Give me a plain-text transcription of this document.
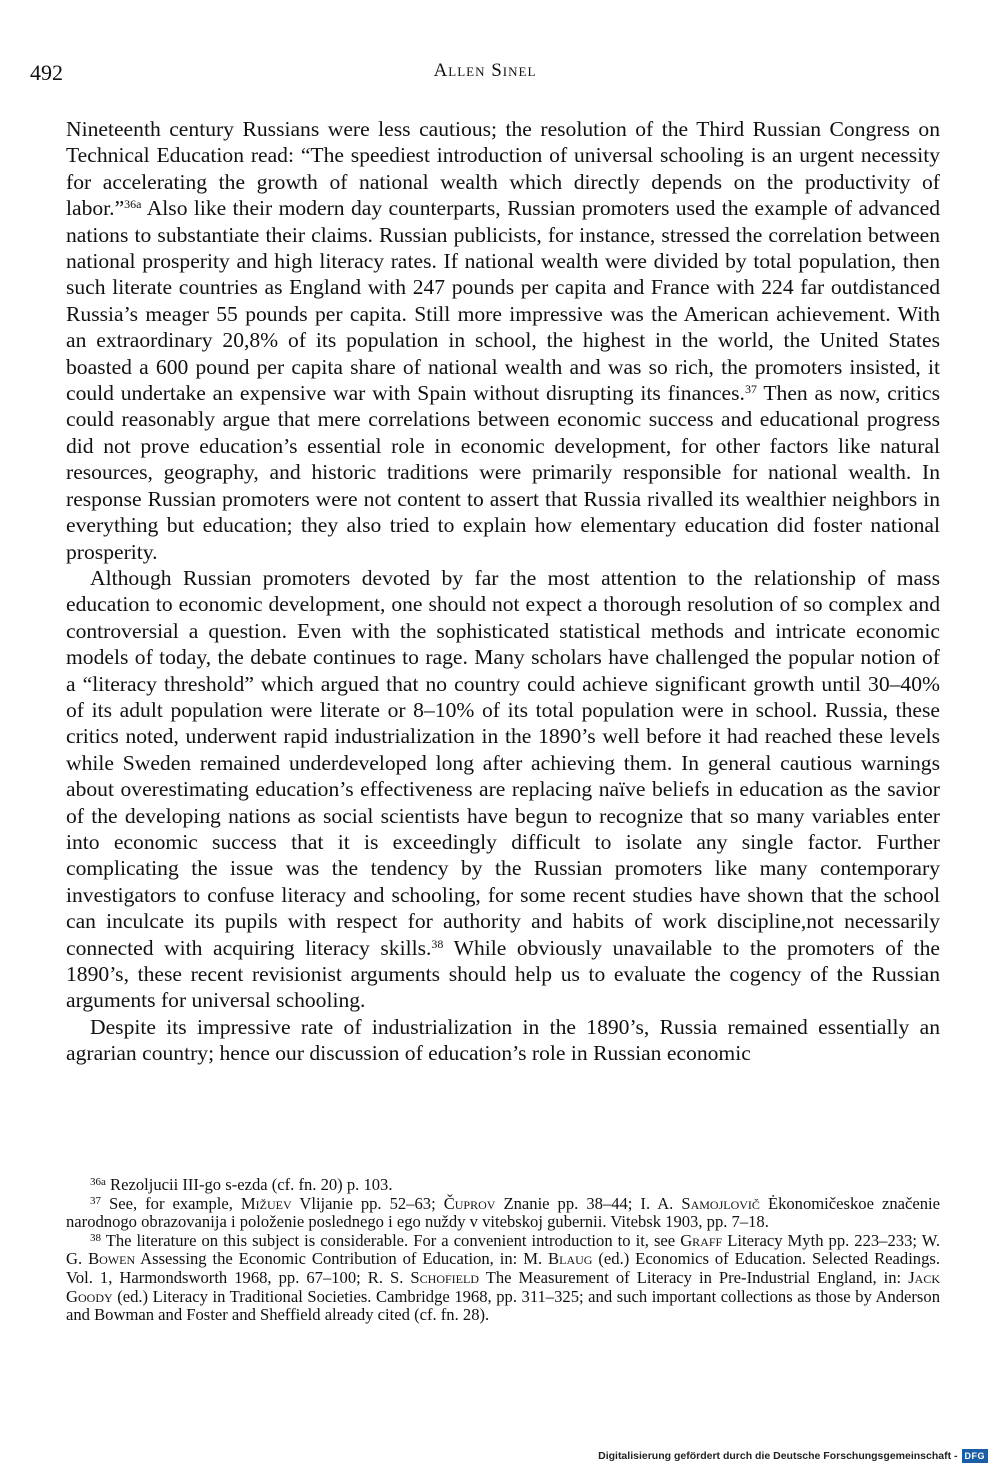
492	Allen Sinel

Nineteenth century Russians were less cautious; the resolution of the Third Russian Congress on Technical Education read: “The speediest introduction of universal schooling is an urgent necessity for accelerating the growth of national wealth which directly depends on the productivity of labor.”$^{36a}$ Also like their modern day counterparts, Russian promoters used the example of advanced nations to substantiate their claims. Russian publicists, for instance, stressed the correlation between national prosperity and high literacy rates. If national wealth were divided by total population, then such literate countries as England with 247 pounds per capita and France with 224 far outdistanced Russia’s meager 55 pounds per capita. Still more impressive was the American achievement. With an extraordinary 20,8% of its population in school, the highest in the world, the United States boasted a 600 pound per capita share of national wealth and was so rich, the promoters insisted, it could undertake an expensive war with Spain without disrupting its finances.$^{37}$ Then as now, critics could reasonably argue that mere correlations between economic success and educational progress did not prove education’s essential role in economic development, for other factors like natural resources, geography, and historic traditions were primarily responsible for national wealth. In response Russian promoters were not content to assert that Russia rivalled its wealthier neighbors in everything but education; they also tried to explain how elementary education did foster national prosperity.

Although Russian promoters devoted by far the most attention to the relationship of mass education to economic development, one should not expect a thorough resolution of so complex and controversial a question. Even with the sophisticated statistical methods and intricate economic models of today, the debate continues to rage. Many scholars have challenged the popular notion of a “literacy threshold” which argued that no country could achieve significant growth until 30–40% of its adult population were literate or 8–10% of its total population were in school. Russia, these critics noted, underwent rapid industrialization in the 1890’s well before it had reached these levels while Sweden remained underdeveloped long after achieving them. In general cautious warnings about overestimating education’s effectiveness are replacing naïve beliefs in education as the savior of the developing nations as social scientists have begun to recognize that so many variables enter into economic success that it is exceedingly difficult to isolate any single factor. Further complicating the issue was the tendency by the Russian promoters like many contemporary investigators to confuse literacy and schooling, for some recent studies have shown that the school can inculcate its pupils with respect for authority and habits of work discipline,not necessarily connected with acquiring literacy skills.$^{38}$ While obviously unavailable to the promoters of the 1890’s, these recent revisionist arguments should help us to evaluate the cogency of the Russian arguments for universal schooling.

Despite its impressive rate of industrialization in the 1890’s, Russia remained essentially an agrarian country; hence our discussion of education’s role in Russian economic

$^{36a}$ Rezoljucii III-go s-ezda (cf. fn. 20) p. 103.

$^{37}$ See, for example, Mižuev Vlijanie pp. 52–63; Čuprov Znanie pp. 38–44; I. A. Samojlovič Ėkonomičeskoe značenie narodnogo obrazovanija i položenie poslednego i ego nuždy v vitebskoj gubernii. Vitebsk 1903, pp. 7–18.

$^{38}$ The literature on this subject is considerable. For a convenient introduction to it, see Graff Literacy Myth pp. 223–233; W. G. Bowen Assessing the Economic Contribution of Education, in: M. Blaug (ed.) Economics of Education. Selected Readings. Vol. 1, Harmondsworth 1968, pp. 67–100; R. S. Schofield The Measurement of Literacy in Pre-Industrial England, in: Jack Goody (ed.) Literacy in Traditional Societies. Cambridge 1968, pp. 311–325; and such important collections as those by Anderson and Bowman and Foster and Sheffield already cited (cf. fn. 28).

Digitalisierung gefördert durch die Deutsche Forschungsgemeinschaft - DFG
